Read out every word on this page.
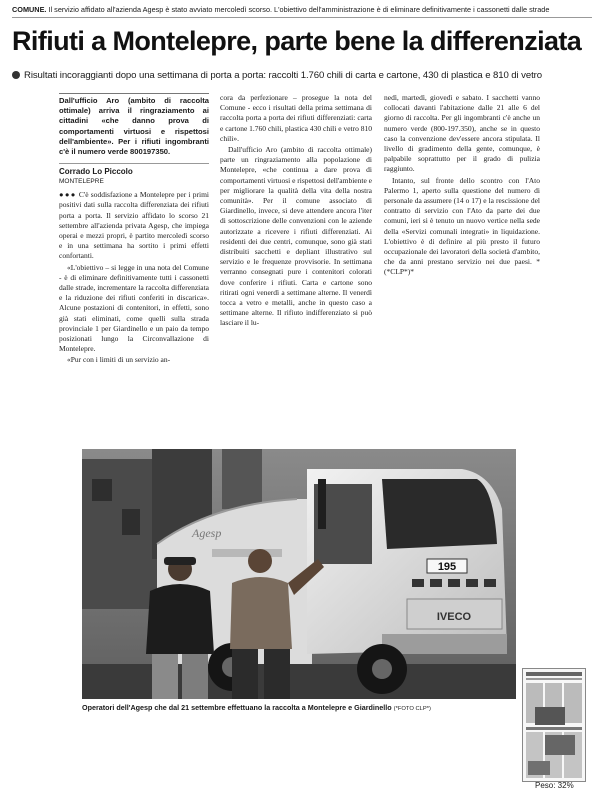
COMUNE. Il servizio affidato all'azienda Agesp è stato avviato mercoledì scorso. L'obiettivo dell'amministrazione è di eliminare definitivamente i cassonetti dalle strade
Rifiuti a Montelepre, parte bene la differenziata
Risultati incoraggianti dopo una settimana di porta a porta: raccolti 1.760 chili di carta e cartone, 430 di plastica e 810 di vetro
Dall'ufficio Aro (ambito di raccolta ottimale) arriva il ringraziamento ai cittadini «che danno prova di comportamenti virtuosi e rispettosi dell'ambiente». Per i rifiuti ingombranti c'è il numero verde 800197350.
Corrado Lo Piccolo
MONTELEPRE

●●● C'è soddisfazione a Montelepre per i primi positivi dati sulla raccolta differenziata dei rifiuti porta a porta. Il servizio affidato lo scorso 21 settembre all'azienda privata Agesp, che impiega operai e mezzi propri, è partito mercoledì scorso e in una settimana ha sortito i primi effetti confortanti.

«L'obiettivo – si legge in una nota del Comune - è di eliminare definitivamente tutti i cassonetti dalle strade, incrementare la raccolta differenziata e la riduzione dei rifiuti conferiti in discarica». Alcune postazioni di contenitori, in effetti, sono già stati eliminati, come quelli sulla strada provinciale 1 per Giardinello e un paio da tempo posizionati lungo la Circonvallazione di Montelepre.

«Pur con i limiti di un servizio an-

cora da perfezionare – prosegue la nota del Comune - ecco i risultati della prima settimana di raccolta porta a porta dei rifiuti differenziati: carta e cartone 1.760 chili, plastica 430 chili e vetro 810 chili».

Dall'ufficio Aro (ambito di raccolta ottimale) parte un ringraziamento alla popolazione di Montelepre, «che continua a dare prova di comportamenti virtuosi e rispettosi dell'ambiente e per migliorare la qualità della vita della nostra comunità». Per il comune associato di Giardinello, invece, si deve attendere ancora l'iter di sottoscrizione delle convenzioni con le aziende autorizzate a ricevere i rifiuti differenziati. Ai residenti dei due centri, comunque, sono già stati distribuiti sacchetti e depliant illustrativo sul servizio e le frequenze provvisorie. In settimana verranno consegnati pure i contenitori colorati dove conferire i rifiuti. Carta e cartone sono ritirati ogni venerdì a settimane alterne. Il venerdì tocca a vetro e metalli, anche in questo caso a settimane alterne. Il rifiuto indifferenziato si può lasciare il lu-

nedì, martedì, giovedì e sabato. I sacchetti vanno collocati davanti l'abitazione dalle 21 alle 6 del giorno di raccolta. Per gli ingombranti c'è anche un numero verde (800-197.350), anche se in questo caso la convenzione dev'essere ancora stipulata. Il livello di gradimento della gente, comunque, è palpabile soprattutto per il grado di pulizia raggiunto.

Intanto, sul fronte dello scontro con l'Ato Palermo 1, aperto sulla questione del numero di personale da assumere (14 o 17) e la rescissione del contratto di servizio con l'Ato da parte dei due comuni, ieri si è tenuto un nuovo vertice nella sede della «Servizi comunali integrati» in liquidazione. L'obiettivo è di definire al più presto il futuro occupazionale dei lavoratori della società d'ambito, che da anni prestano servizio nei due paesi. *(*CLP*)*

195
IVECO
Agesp
Operatori dell'Agesp che dal 21 settembre effettuano la raccolta a Montelepre e Giardinello (*FOTO CLP*)
Peso: 32%
